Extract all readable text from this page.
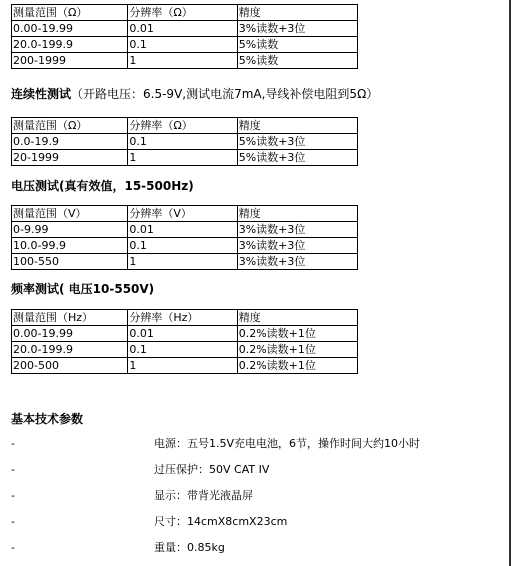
测量范围（Ω）	分辨率（Ω）	精度
0.00-19.99	0.01	3%读数+3位
20.0-199.9	0.1	5%读数
200-1999	1	5%读数
连续性测试（开路电压：6.5-9V,测试电流7mA,导线补偿电阻到5Ω）
测量范围（Ω）	分辨率（Ω）	精度
0.0-19.9	0.1	5%读数+3位
20-1999	1	5%读数+3位
电压测试(真有效值，15-500Hz)
测量范围（V）	分辨率（V）	精度
0-9.99	0.01	3%读数+3位
10.0-99.9	0.1	3%读数+3位
100-550	1	3%读数+3位
频率测试( 电压10-550V)
测量范围（Hz）	分辨率（Hz）	精度
0.00-19.99	0.01	0.2%读数+1位
20.0-199.9	0.1	0.2%读数+1位
200-500	1	0.2%读数+1位
基本技术参数
-	电源：五号1.5V充电电池，6节，操作时间大约10小时
-	过压保护：50V CAT IV
-	显示：带背光液晶屏
-	尺寸：14cmX8cmX23cm
-	重量：0.85kg
